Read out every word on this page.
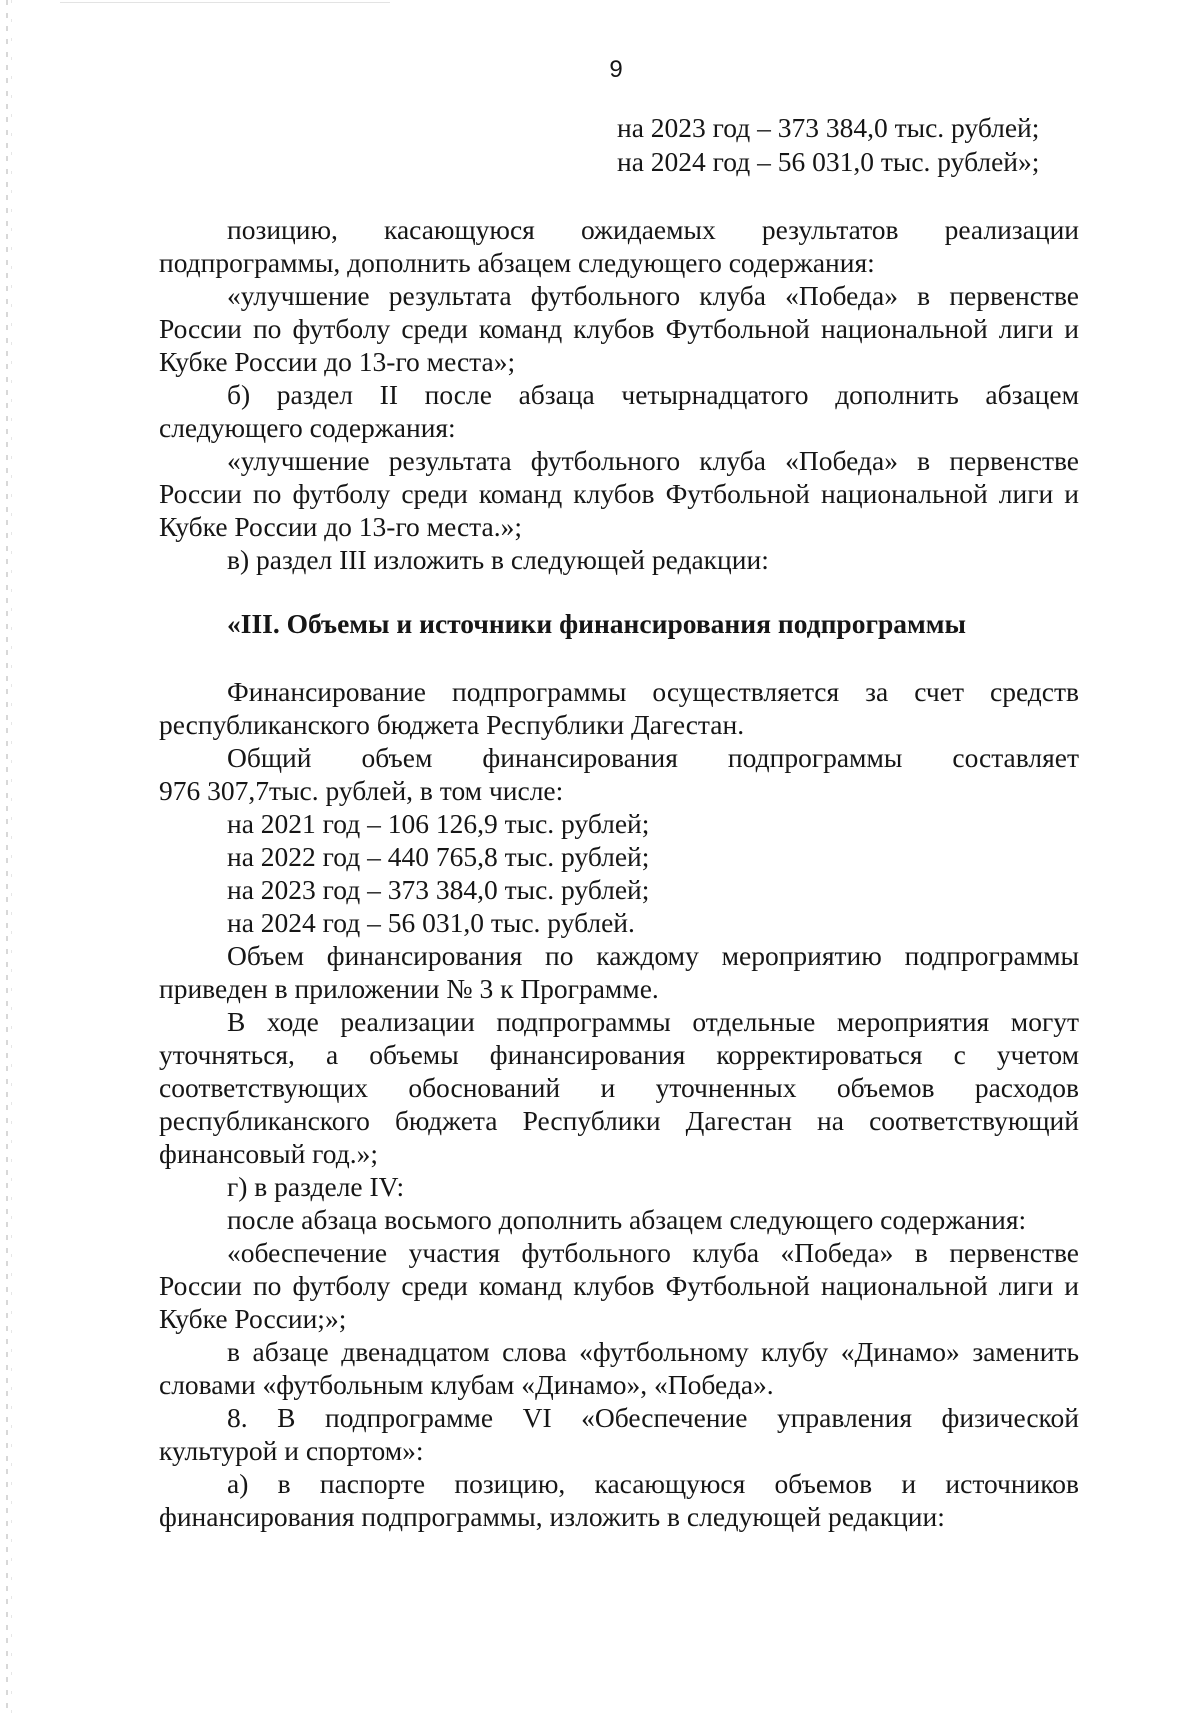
9
на 2023 год – 373 384,0 тыс. рублей;
на 2024 год – 56 031,0 тыс. рублей»;
позицию, касающуюся ожидаемых результатов реализации
подпрограммы, дополнить абзацем следующего содержания:
«улучшение результата футбольного клуба «Победа» в первенстве
России по футболу среди команд клубов Футбольной национальной лиги и
Кубке России до 13-го места»;
б) раздел II после абзаца четырнадцатого дополнить абзацем
следующего содержания:
«улучшение результата футбольного клуба «Победа» в первенстве
России по футболу среди команд клубов Футбольной национальной лиги и
Кубке России до 13-го места.»;
в) раздел III изложить в следующей редакции:
Финансирование подпрограммы осуществляется за счет средств
республиканского бюджета Республики Дагестан.
Общий объем финансирования подпрограммы составляет
976 307,7тыс. рублей, в том числе:
на 2021 год – 106 126,9 тыс. рублей;
на 2022 год – 440 765,8 тыс. рублей;
на 2023 год – 373 384,0 тыс. рублей;
на 2024 год – 56 031,0 тыс. рублей.
Объем финансирования по каждому мероприятию подпрограммы
приведен в приложении № 3 к Программе.
В ходе реализации подпрограммы отдельные мероприятия могут
уточняться, а объемы финансирования корректироваться с учетом
соответствующих обоснований и уточненных объемов расходов
республиканского бюджета Республики Дагестан на соответствующий
финансовый год.»;
г) в разделе IV:
после абзаца восьмого дополнить абзацем следующего содержания:
«обеспечение участия футбольного клуба «Победа» в первенстве
России по футболу среди команд клубов Футбольной национальной лиги и
Кубке России;»;
в абзаце двенадцатом слова «футбольному клубу «Динамо» заменить
словами «футбольным клубам «Динамо», «Победа».
8. В подпрограмме VI «Обеспечение управления физической
культурой и спортом»:
а) в паспорте позицию, касающуюся объемов и источников
финансирования подпрограммы, изложить в следующей редакции:
«III. Объемы и источники финансирования подпрограммы
